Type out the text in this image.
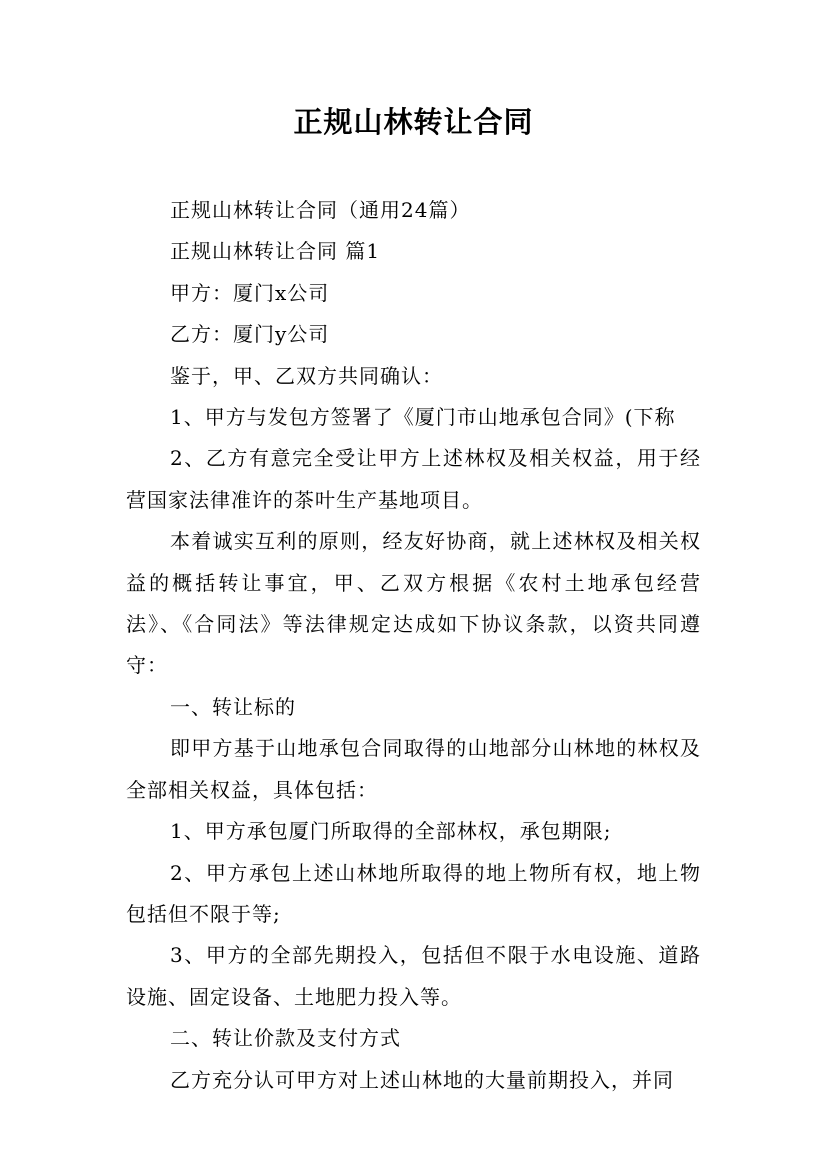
正规山林转让合同

正规山林转让合同（通用24篇）

正规山林转让合同 篇1

甲方：厦门x公司

乙方：厦门y公司

鉴于，甲、乙双方共同确认：

1、甲方与发包方签署了《厦门市山地承包合同》(下称

2、乙方有意完全受让甲方上述林权及相关权益，用于经营国家法律准许的茶叶生产基地项目。

本着诚实互利的原则，经友好协商，就上述林权及相关权益的概括转让事宜，甲、乙双方根据《农村土地承包经营法》、《合同法》等法律规定达成如下协议条款，以资共同遵守：

一、转让标的

即甲方基于山地承包合同取得的山地部分山林地的林权及全部相关权益，具体包括：

1、甲方承包厦门所取得的全部林权，承包期限;

2、甲方承包上述山林地所取得的地上物所有权，地上物包括但不限于等;

3、甲方的全部先期投入，包括但不限于水电设施、道路设施、固定设备、土地肥力投入等。

二、转让价款及支付方式

乙方充分认可甲方对上述山林地的大量前期投入，并同
